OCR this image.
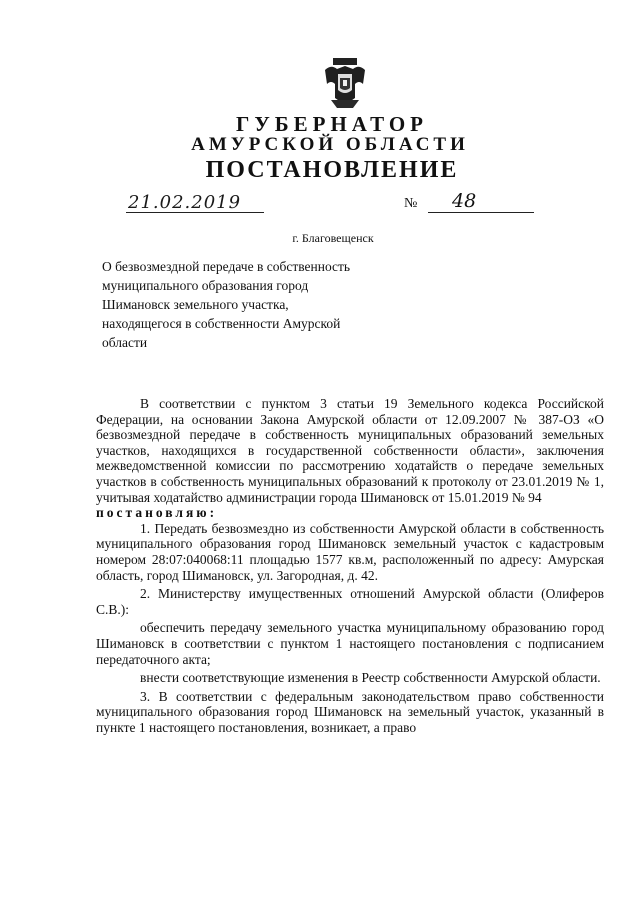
ГУБЕРНАТОР
АМУРСКОЙ ОБЛАСТИ
ПОСТАНОВЛЕНИЕ
21.02.2019	№ 48
г. Благовещенск
О безвозмездной передаче в собственность муниципального образования город Шимановск земельного участка, находящегося в собственности Амурской области

В соответствии с пунктом 3 статьи 19 Земельного кодекса Российской Федерации, на основании Закона Амурской области от 12.09.2007 № 387-ОЗ «О безвозмездной передаче в собственность муниципальных образований земельных участков, находящихся в государственной собственности области», заключения межведомственной комиссии по рассмотрению ходатайств о передаче земельных участков в собственность муниципальных образований к протоколу от 23.01.2019 № 1, учитывая ходатайство администрации города Шимановск от 15.01.2019 № 94

постановляю:

1. Передать безвозмездно из собственности Амурской области в собственность муниципального образования город Шимановск земельный участок с кадастровым номером 28:07:040068:11 площадью 1577 кв.м, расположенный по адресу: Амурская область, город Шимановск, ул. Загородная, д. 42.

2. Министерству имущественных отношений Амурской области (Олиферов С.В.):

обеспечить передачу земельного участка муниципальному образованию город Шимановск в соответствии с пунктом 1 настоящего постановления с подписанием передаточного акта;

внести соответствующие изменения в Реестр собственности Амурской области.

3. В соответствии с федеральным законодательством право собственности муниципального образования город Шимановск на земельный участок, указанный в пункте 1 настоящего постановления, возникает, а право
